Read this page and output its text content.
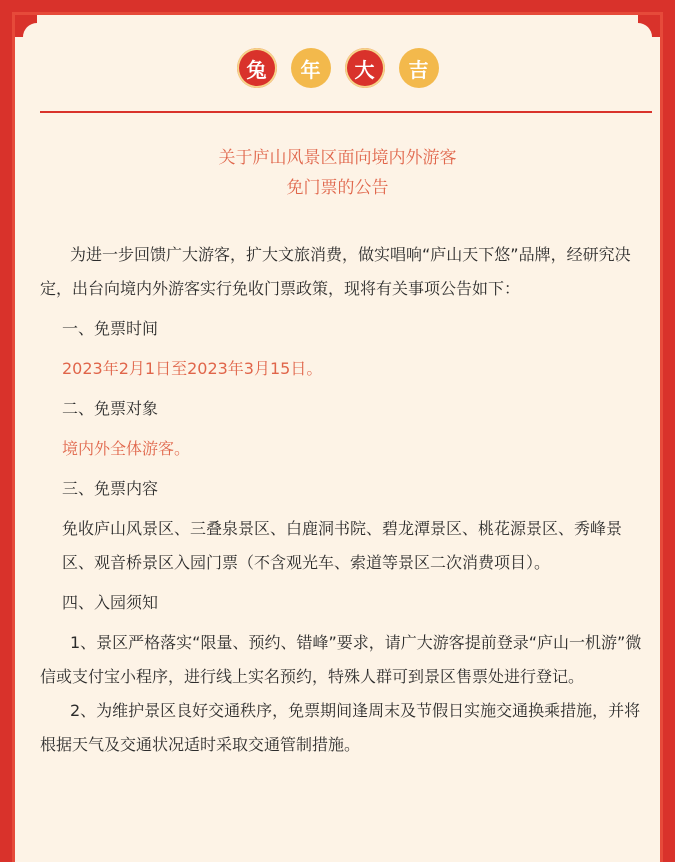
兔	年	大	吉
关于庐山风景区面向境内外游客
免门票的公告

为进一步回馈广大游客，扩大文旅消费，做实唱响“庐山天下悠”品牌，经研究决定，出台向境内外游客实行免收门票政策，现将有关事项公告如下：

一、免票时间

2023年2月1日至2023年3月15日。

二、免票对象

境内外全体游客。

三、免票内容

免收庐山风景区、三叠泉景区、白鹿洞书院、碧龙潭景区、桃花源景区、秀峰景区、观音桥景区入园门票（不含观光车、索道等景区二次消费项目）。

四、入园须知

1、景区严格落实“限量、预约、错峰”要求，请广大游客提前登录“庐山一机游”微信或支付宝小程序，进行线上实名预约，特殊人群可到景区售票处进行登记。

2、为维护景区良好交通秩序，免票期间逢周末及节假日实施交通换乘措施，并将根据天气及交通状况适时采取交通管制措施。
